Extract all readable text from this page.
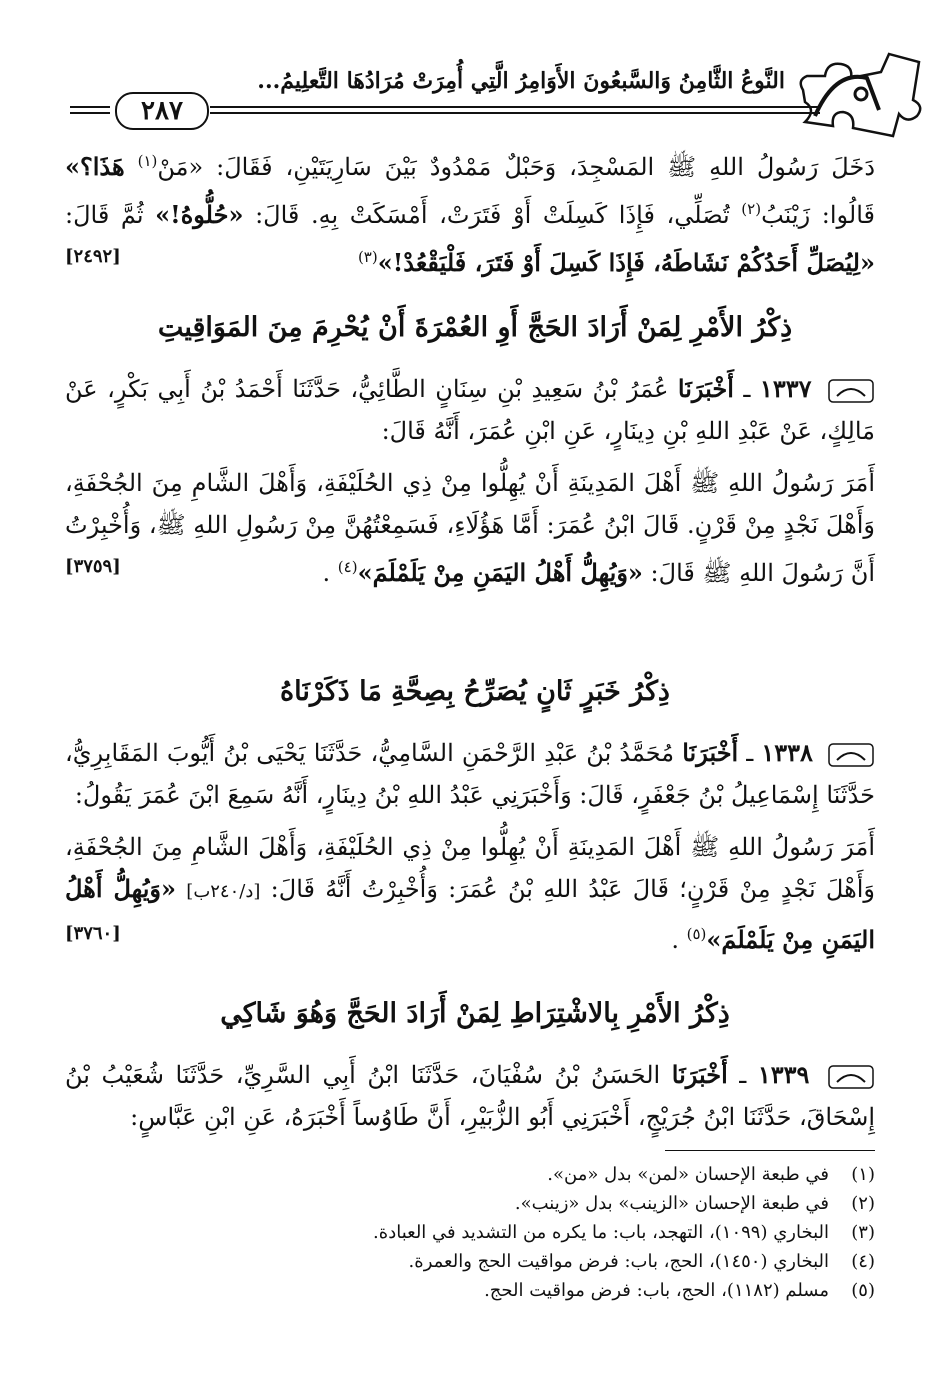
النَّوعُ الثَّامِنُ وَالسَّبعُونَ الأَوَامِرُ الَّتِي أُمِرَتْ مُرَادُهَا التَّعلِيمُ...
٢٨٧
دَخَلَ رَسُولُ اللهِ ﷺ المَسْجِدَ، وَحَبْلٌ مَمْدُودٌ بَيْنَ سَارِيَتَيْنِ، فَقَالَ: «مَنْ$^{(١)}$ هَذَا؟» قَالُوا: زَيْنَبُ$^{(٢)}$ تُصَلِّي، فَإِذَا كَسِلَتْ أَوْ فَتَرَتْ، أَمْسَكَتْ بِهِ. قَالَ: «حُلُّوهُ!» ثُمَّ قَالَ: «لِيُصَلِّ أَحَدُكُمْ نَشَاطَهُ، فَإِذَا كَسِلَ أَوْ فَتَرَ، فَلْيَقْعُدْ!»$^{(٣)}$
[٢٤٩٢]
ذِكْرُ الأَمْرِ لِمَنْ أَرَادَ الحَجَّ أَوِ العُمْرَةَ أَنْ يُحْرِمَ مِنَ المَوَاقِيتِ
١٣٣٧ ـ أَخْبَرَنَا عُمَرُ بْنُ سَعِيدِ بْنِ سِنَانٍ الطَّائِيُّ، حَدَّثَنَا أَحْمَدُ بْنُ أَبِي بَكْرٍ، عَنْ مَالِكٍ، عَنْ عَبْدِ اللهِ بْنِ دِينَارٍ، عَنِ ابْنِ عُمَرَ، أَنَّهُ قَالَ:
أَمَرَ رَسُولُ اللهِ ﷺ أَهْلَ المَدِينَةِ أَنْ يُهِلُّوا مِنْ ذِي الحُلَيْفَةِ، وَأَهْلَ الشَّامِ مِنَ الجُحْفَةِ، وَأَهْلَ نَجْدٍ مِنْ قَرْنٍ. قَالَ ابْنُ عُمَرَ: أَمَّا هَؤُلَاءِ، فَسَمِعْتُهُنَّ مِنْ رَسُولِ اللهِ ﷺ، وَأُخْبِرْتُ أَنَّ رَسُولَ اللهِ ﷺ قَالَ: «وَيُهِلُّ أَهْلُ اليَمَنِ مِنْ يَلَمْلَمَ»$^{(٤)}$ .
[٣٧٥٩]
ذِكْرُ خَبَرٍ ثَانٍ يُصَرِّحُ بِصِحَّةِ مَا ذَكَرْنَاهُ
١٣٣٨ ـ أَخْبَرَنَا مُحَمَّدُ بْنُ عَبْدِ الرَّحْمَنِ السَّامِيُّ، حَدَّثَنَا يَحْيَى بْنُ أَيُّوبَ المَقَابِرِيُّ، حَدَّثَنَا إِسْمَاعِيلُ بْنُ جَعْفَرٍ، قَالَ: وَأَخْبَرَنِي عَبْدُ اللهِ بْنُ دِينَارٍ، أَنَّهُ سَمِعَ ابْنَ عُمَرَ يَقُولُ:
أَمَرَ رَسُولُ اللهِ ﷺ أَهْلَ المَدِينَةِ أَنْ يُهِلُّوا مِنْ ذِي الحُلَيْفَةِ، وَأَهْلَ الشَّامِ مِنَ الجُحْفَةِ، وَأَهْلَ نَجْدٍ مِنْ قَرْنٍ؛ قَالَ عَبْدُ اللهِ بْنُ عُمَرَ: وَأُخْبِرْتُ أَنَّهُ قَالَ: [د/٢٤٠ب] «وَيُهِلُّ أَهْلُ اليَمَنِ مِنْ يَلَمْلَمَ»$^{(٥)}$ .
[٣٧٦٠]
ذِكْرُ الأَمْرِ بِالاشْتِرَاطِ لِمَنْ أَرَادَ الحَجَّ وَهُوَ شَاكِي
١٣٣٩ ـ أَخْبَرَنَا الحَسَنُ بْنُ سُفْيَانَ، حَدَّثَنَا ابْنُ أَبِي السَّرِيِّ، حَدَّثَنَا شُعَيْبُ بْنُ إِسْحَاقَ، حَدَّثَنَا ابْنُ جُرَيْجٍ، أَخْبَرَنِي أَبُو الزُّبَيْرِ، أَنَّ طَاوُساً أَخْبَرَهُ، عَنِ ابْنِ عَبَّاسٍ:
(١)
في طبعة الإحسان «لمن» بدل «من».
(٢)
في طبعة الإحسان «الزينب» بدل «زينب».
(٣)
البخاري (١٠٩٩)، التهجد، باب: ما يكره من التشديد في العبادة.
(٤)
البخاري (١٤٥٠)، الحج، باب: فرض مواقيت الحج والعمرة.
(٥)
مسلم (١١٨٢)، الحج، باب: فرض مواقيت الحج.
